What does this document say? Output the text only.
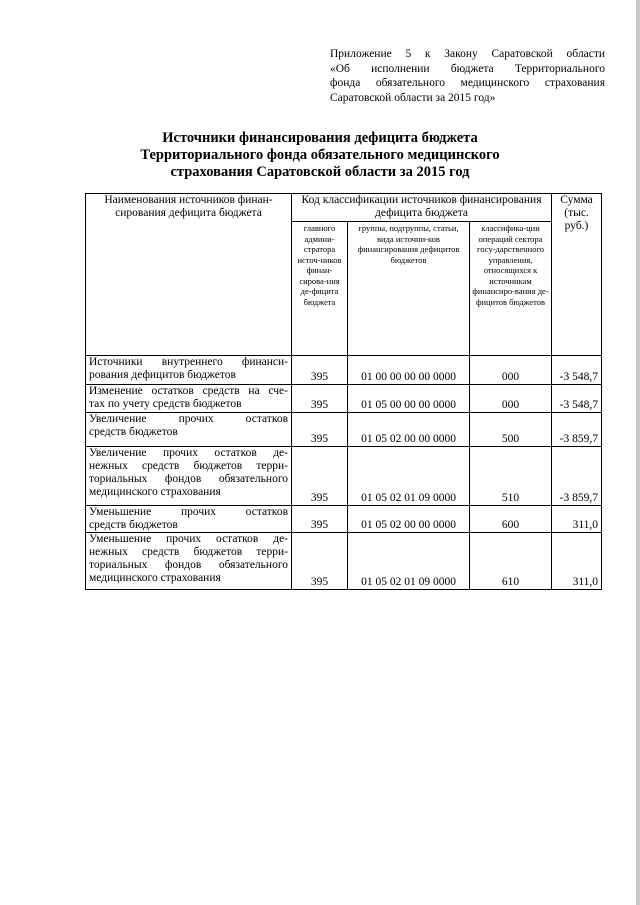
Приложение 5 к Закону Саратовской области
«Об исполнении бюджета Территориального
фонда обязательного медицинского страхования
Саратовской области за 2015 год»
Источники финансирования дефицита бюджета
Территориального фонда обязательного медицинского
страхования Саратовской области за 2015 год
Наименования источников финан-сирования дефицита бюджета	Код классификации источников финансирования дефицита бюджета			Сумма (тыс. руб.)
	главного админи-стратора источ-ников финан-сирова-ния де-фицита бюджета	группы, подгруппы, статьи, вида источни-ков финансирования дефицитов бюджетов	классифика-ции операций сектора госу-дарственного управления, относящихся к источникам финансиро-вания де-фицитов бюджетов	

Источники внутреннего финанси-
рования дефицитов бюджетов	395	01 00 00 00 00 0000	000	-3 548,7

Изменение остатков средств на сче-
тах по учету средств бюджетов	395	01 05 00 00 00 0000	000	-3 548,7

Увеличение прочих остатков
средств бюджетов	395	01 05 02 00 00 0000	500	-3 859,7

Увеличение прочих остатков де-
нежных средств бюджетов терри-
ториальных фондов обязательного
медицинского страхования	395	01 05 02 01 09 0000	510	-3 859,7

Уменьшение прочих остатков
средств бюджетов	395	01 05 02 00 00 0000	600	311,0

Уменьшение прочих остатков де-
нежных средств бюджетов терри-
ториальных фондов обязательного
медицинского страхования	395	01 05 02 01 09 0000	610	311,0
